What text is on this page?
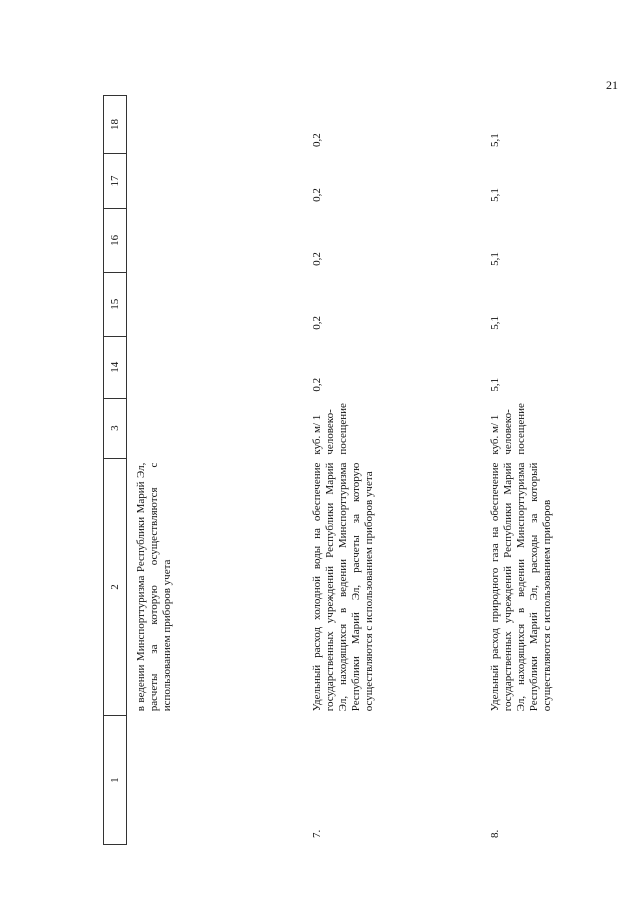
21
1	2	3	14	15	16	17	18
	в ведении Минспорттуризма Республики Марий Эл, расчеты за которую осуществляются с использованием приборов учета						
7.	Удельный расход холодной воды на обеспечение государственных учреждений Республики Марий Эл, находящихся в ведении Минспорттуризма Республики Марий Эл, расчеты за которую осуществляются с использованием приборов учета	куб. м/ 1 человеко-посещение	0,2	0,2	0,2	0,2	0,2
8.	Удельный расход природного газа на обеспечение государственных учреждений Республики Марий Эл, находящихся в ведении Минспорттуризма Республики Марий Эл, расходы за который осуществляются с использованием приборов	куб. м/ 1 человеко-посещение	5,1	5,1	5,1	5,1	5,1
